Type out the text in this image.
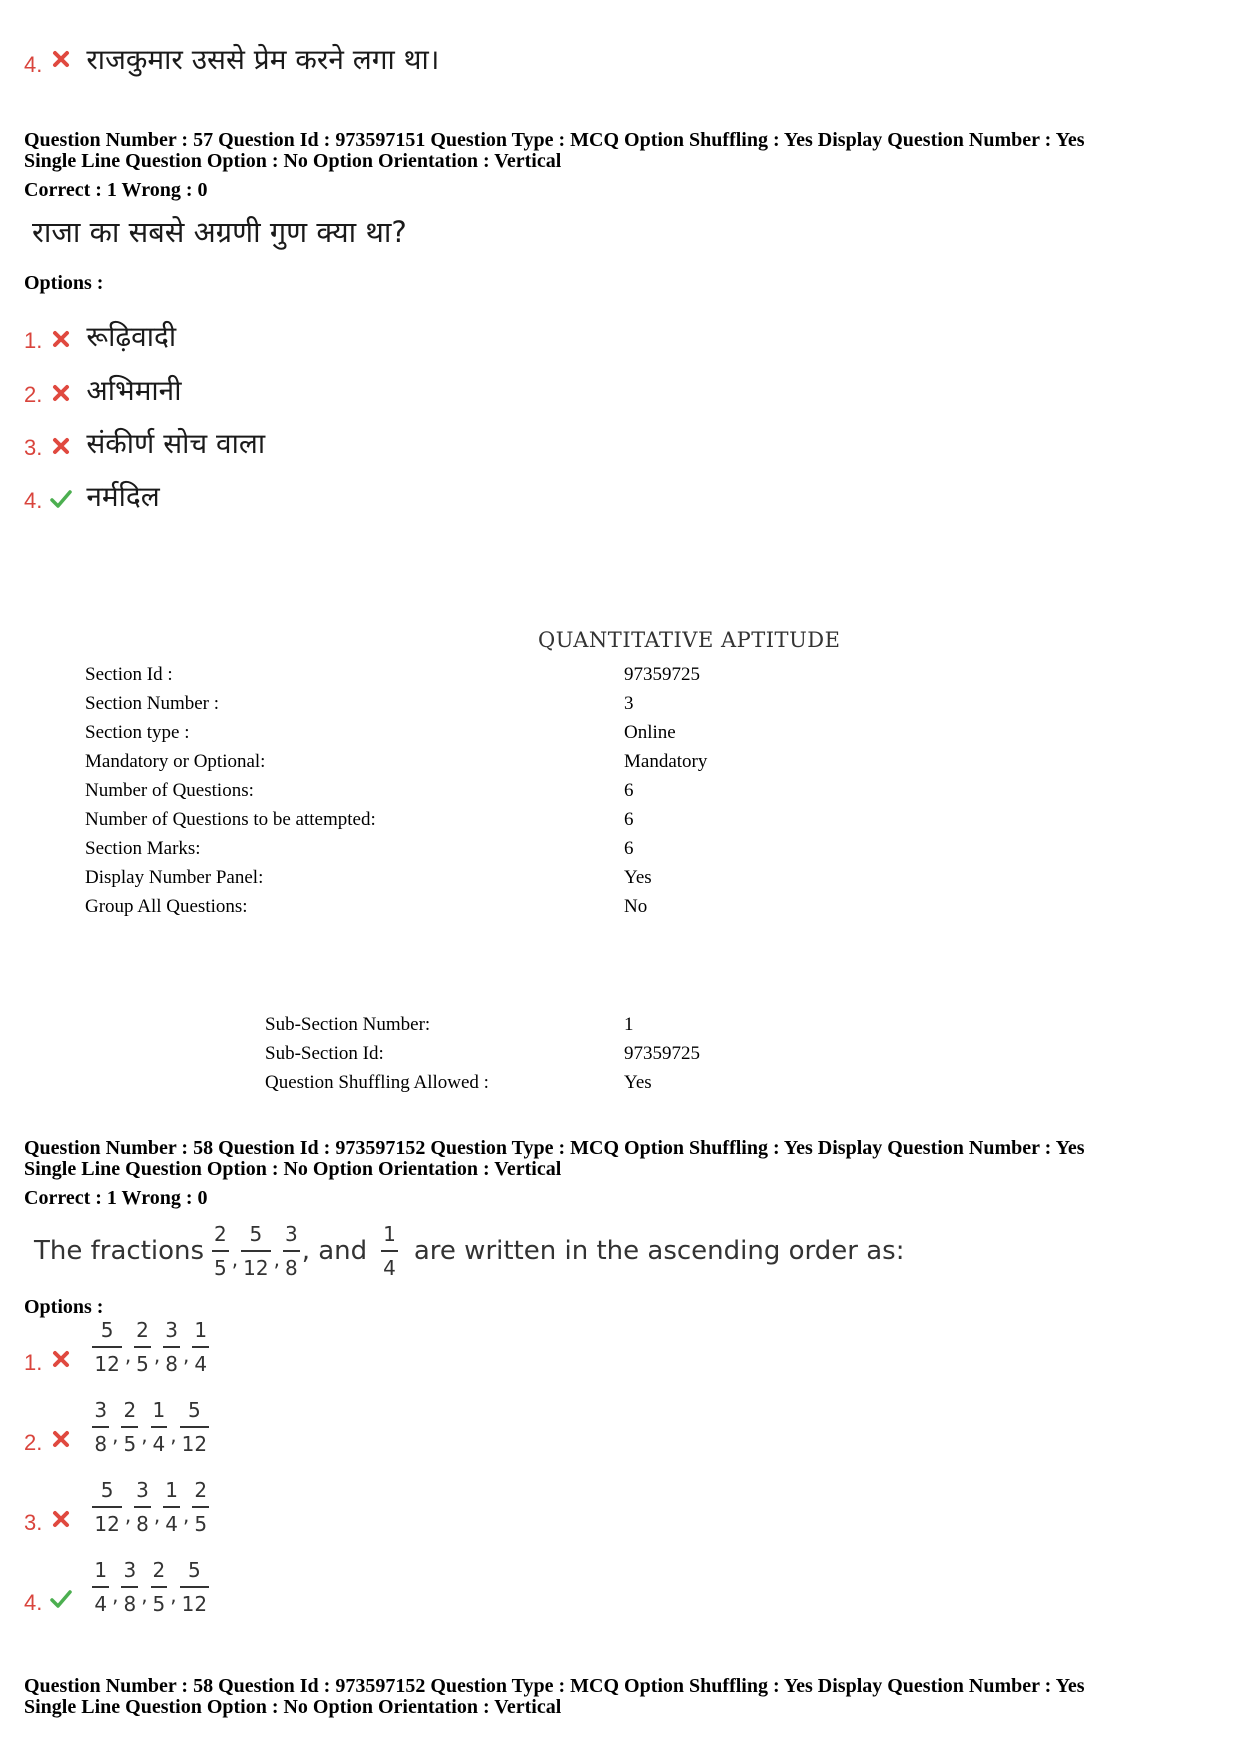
4. राजकुमार उससे प्रेम करने लगा था।
Question Number : 57 Question Id : 973597151 Question Type : MCQ Option Shuffling : Yes Display Question Number : Yes
Single Line Question Option : No Option Orientation : Vertical
Correct : 1 Wrong : 0
राजा का सबसे अग्रणी गुण क्या था?
Options :
1. रूढ़िवादी
2. अभिमानी
3. संकीर्ण सोच वाला
4. नर्मदिल
QUANTITATIVE APTITUDE
Section Id :	97359725
Section Number :	3
Section type :	Online
Mandatory or Optional:	Mandatory
Number of Questions:	6
Number of Questions to be attempted:	6
Section Marks:	6
Display Number Panel:	Yes
Group All Questions:	No
Sub-Section Number:	1
Sub-Section Id:	97359725
Question Shuffling Allowed :	Yes
Question Number : 58 Question Id : 973597152 Question Type : MCQ Option Shuffling : Yes Display Question Number : Yes
Single Line Question Option : No Option Orientation : Vertical
Correct : 1 Wrong : 0
The fractions $\frac{2}{5}$ , $\frac{5}{12}$ , $\frac{3}{8}$ , and $\frac{1}{4}$ are written in the ascending order as:
Options :
1.	$\frac{5}{12}$ , $\frac{2}{5}$ , $\frac{3}{8}$ , $\frac{1}{4}$
2.	$\frac{3}{8}$ , $\frac{2}{5}$ , $\frac{1}{4}$ , $\frac{5}{12}$
3.	$\frac{5}{12}$ , $\frac{3}{8}$ , $\frac{1}{4}$ , $\frac{2}{5}$
4.	$\frac{1}{4}$ , $\frac{3}{8}$ , $\frac{2}{5}$ , $\frac{5}{12}$
Question Number : 58 Question Id : 973597152 Question Type : MCQ Option Shuffling : Yes Display Question Number : Yes
Single Line Question Option : No Option Orientation : Vertical
